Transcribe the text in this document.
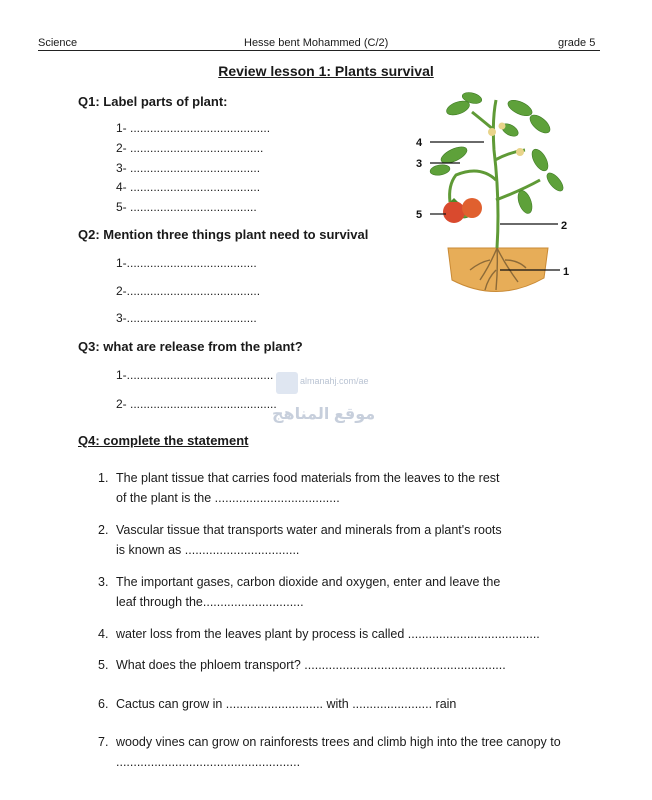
Science	Hesse bent Mohammed (C/2)	grade 5
Review lesson 1: Plants survival
Q1: Label parts of plant:
1- ..........................................
2- ........................................
3- .......................................
4- .......................................
5- ......................................
Q2: Mention three things plant need to survival
1-.......................................
2-........................................
3-.......................................
Q3: what are release from the plant?
1-............................................
2- ............................................
almanahj.com/ae
موقع المناهج
Q4: complete the statement
1. The plant tissue that carries food materials from the leaves to the rest
of the plant is the ....................................
2. Vascular tissue that transports water and minerals from a plant's roots
is known as .................................
3. The important gases, carbon dioxide and oxygen, enter and leave the
leaf through the.............................
4. water loss from the leaves plant by process is called ......................................
5. What does the phloem transport? ..........................................................
6. Cactus can grow in ............................ with ....................... rain
7. woody vines can grow on rainforests trees and climb high into the tree canopy to
.....................................................
4
3
5
2
1
